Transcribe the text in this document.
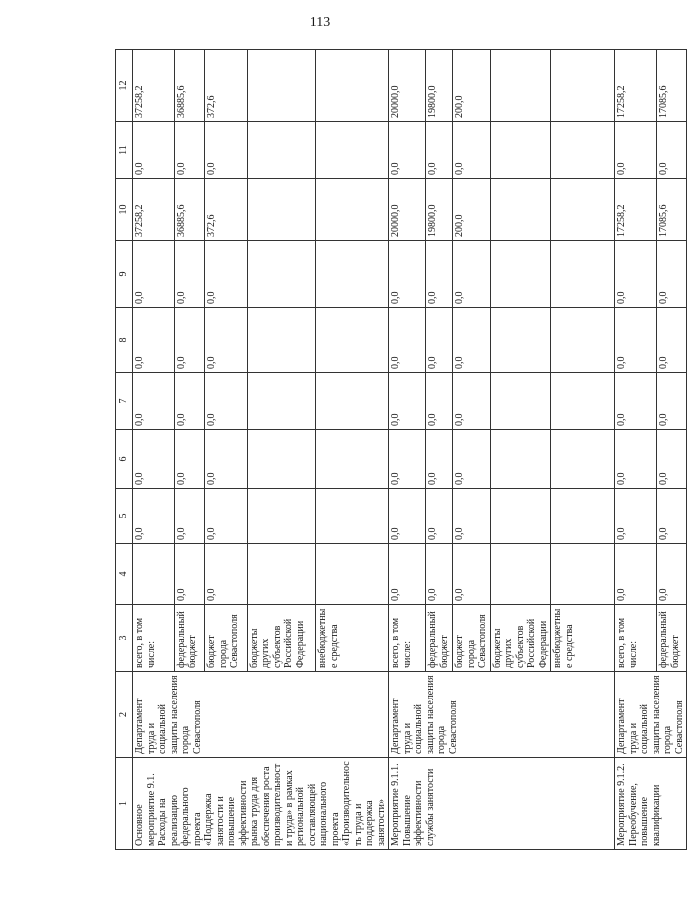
113
1	2	3	4	5	6	7	8	9	10	11	12
Основное мероприятие 9.1. Расходы на реализацию федерального проекта «Поддержка занятости и повышение эффективности рынка труда для обеспечения роста производительности труда» в рамках региональной составляющей национального проекта «Производительность труда и поддержка занятости»	Департамент труда и социальной защиты населения города Севастополя	всего, в том числе:		0,0	0,0	0,0	0,0	0,0	37258,2	0,0	37258,2
		федеральный бюджет	0,0	0,0	0,0	0,0	0,0	0,0	36885,6	0,0	36885,6
		бюджет города Севастополя	0,0	0,0	0,0	0,0	0,0	0,0	372,6	0,0	372,6
		бюджеты других субъектов Российской Федерации									
		внебюджетные средства									
Мероприятие 9.1.1. Повышение эффективности службы занятости	Департамент труда и социальной защиты населения города Севастополя	всего, в том числе:	0,0	0,0	0,0	0,0	0,0	0,0	20000,0	0,0	20000,0
		федеральный бюджет	0,0	0,0	0,0	0,0	0,0	0,0	19800,0	0,0	19800,0
		бюджет города Севастополя	0,0	0,0	0,0	0,0	0,0	0,0	200,0	0,0	200,0
		бюджеты других субъектов Российской Федерации									
		внебюджетные средства									
Мероприятие 9.1.2. Переобучение, повышение квалификации	Департамент труда и социальной защиты населения города Севастополя	всего, в том числе:	0,0	0,0	0,0	0,0	0,0	0,0	17258,2	0,0	17258,2
		федеральный бюджет	0,0	0,0	0,0	0,0	0,0	0,0	17085,6	0,0	17085,6
